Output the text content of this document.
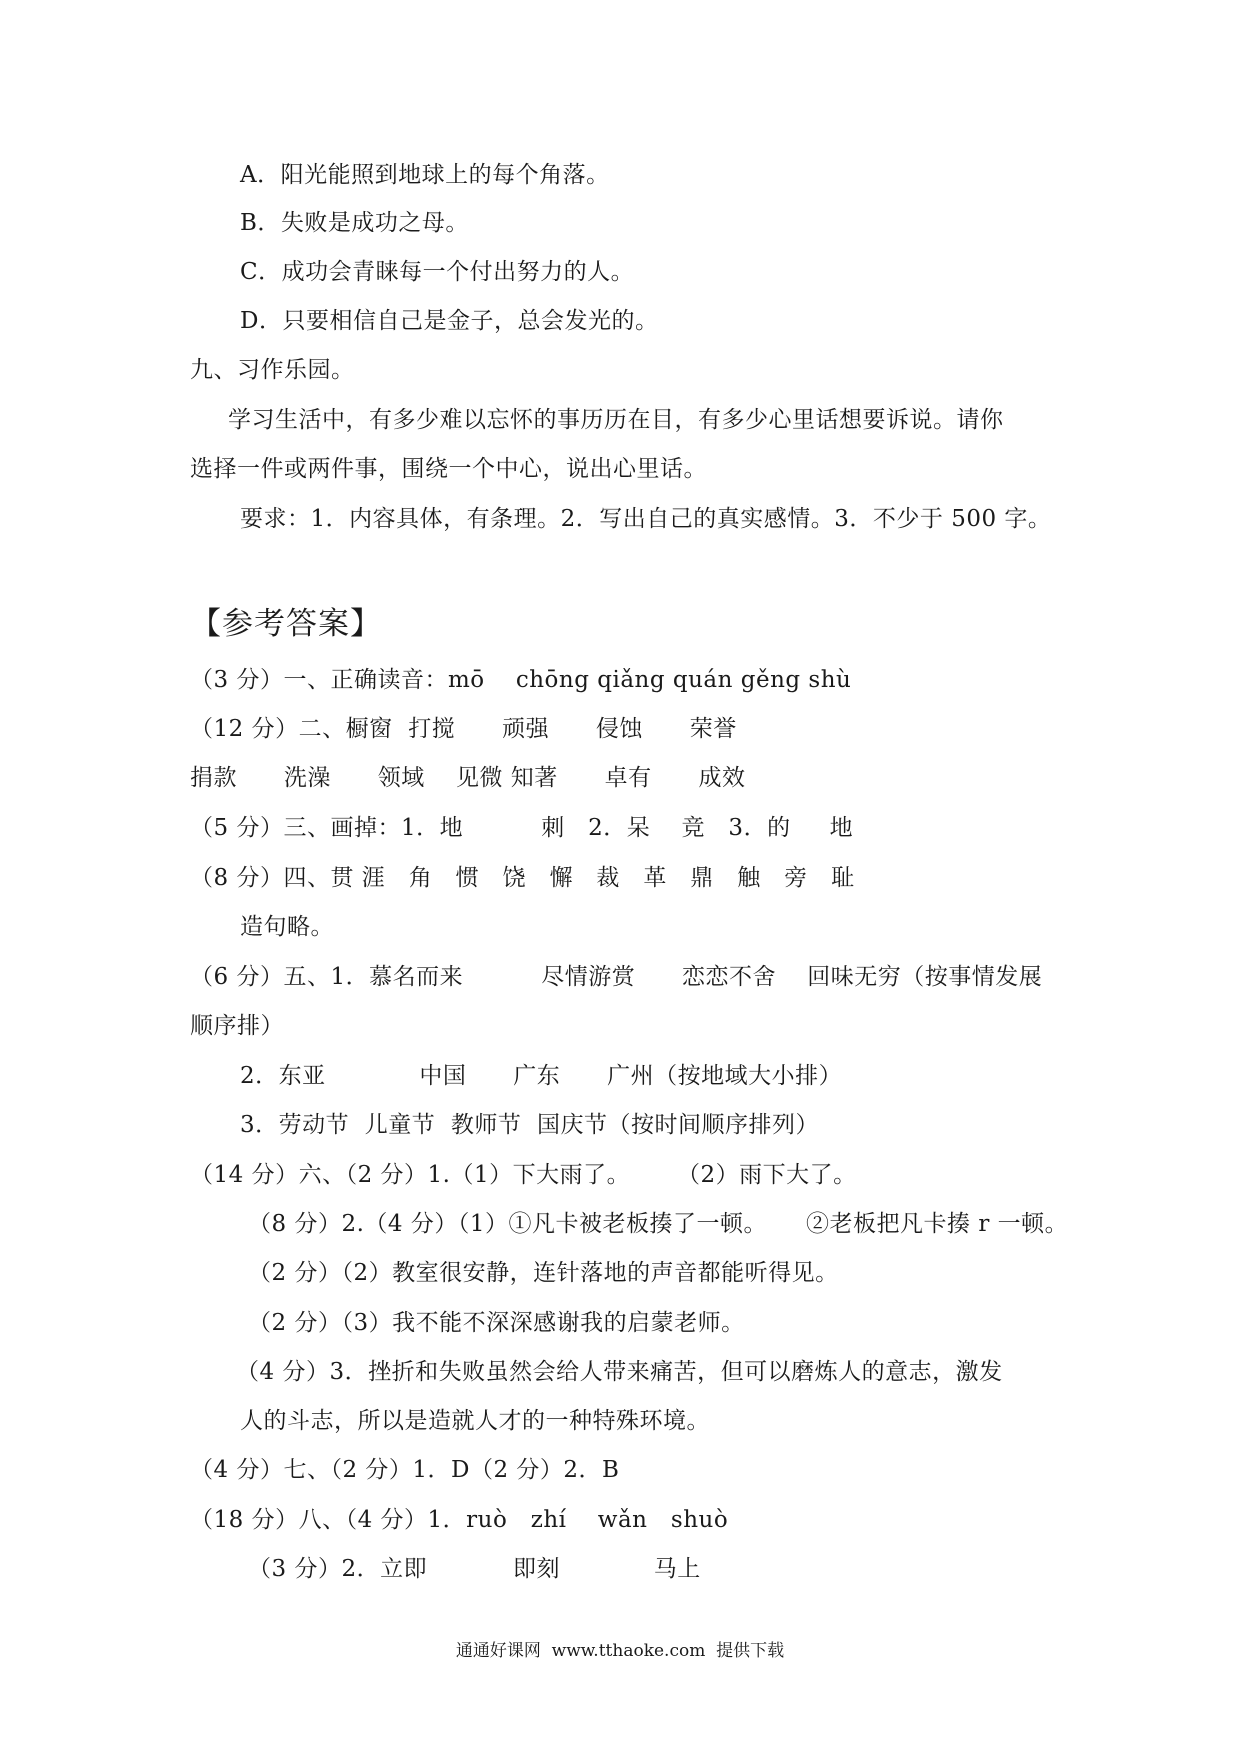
A．阳光能照到地球上的每个角落。
B．失败是成功之母。
C．成功会青睐每一个付出努力的人。
D．只要相信自己是金子，总会发光的。
九、习作乐园。
学习生活中，有多少难以忘怀的事历历在目，有多少心里话想要诉说。请你
选择一件或两件事，围绕一个中心，说出心里话。
要求：1．内容具体，有条理。2．写出自己的真实感情。3．不少于 500 字。
【参考答案】
（3 分）一、正确读音：mō    chōng qiǎng quán gěng shù
（12 分）二、橱窗  打搅      顽强      侵蚀      荣誉
捐款      洗澡      领域    见微 知著      卓有      成效
（5 分）三、画掉：1．地          刺   2．呆    竞   3．的     地
（8 分）四、贯 涯   角   惯   饶   懈   裁   革   鼎   触   旁   耻
造句略。
（6 分）五、1．慕名而来          尽情游赏      恋恋不舍    回味无穷（按事情发展
顺序排）
2．东亚            中国      广东      广州（按地域大小排）
3．劳动节  儿童节  教师节  国庆节（按时间顺序排列）
（14 分）六、（2 分）1.（1）下大雨了。      （2）雨下大了。
（8 分）2.（4 分）（1）①凡卡被老板揍了一顿。     ②老板把凡卡揍 r 一顿。
（2 分）（2）教室很安静，连针落地的声音都能听得见。
（2 分）（3）我不能不深深感谢我的启蒙老师。
（4 分）3．挫折和失败虽然会给人带来痛苦，但可以磨炼人的意志，激发
人的斗志，所以是造就人才的一种特殊环境。
（4 分）七、（2 分）1．D（2 分）2．B
（18 分）八、（4 分）1．ruò   zhí    wǎn   shuò
（3 分）2．立即           即刻            马上
通通好课网  www.tthaoke.com  提供下载
